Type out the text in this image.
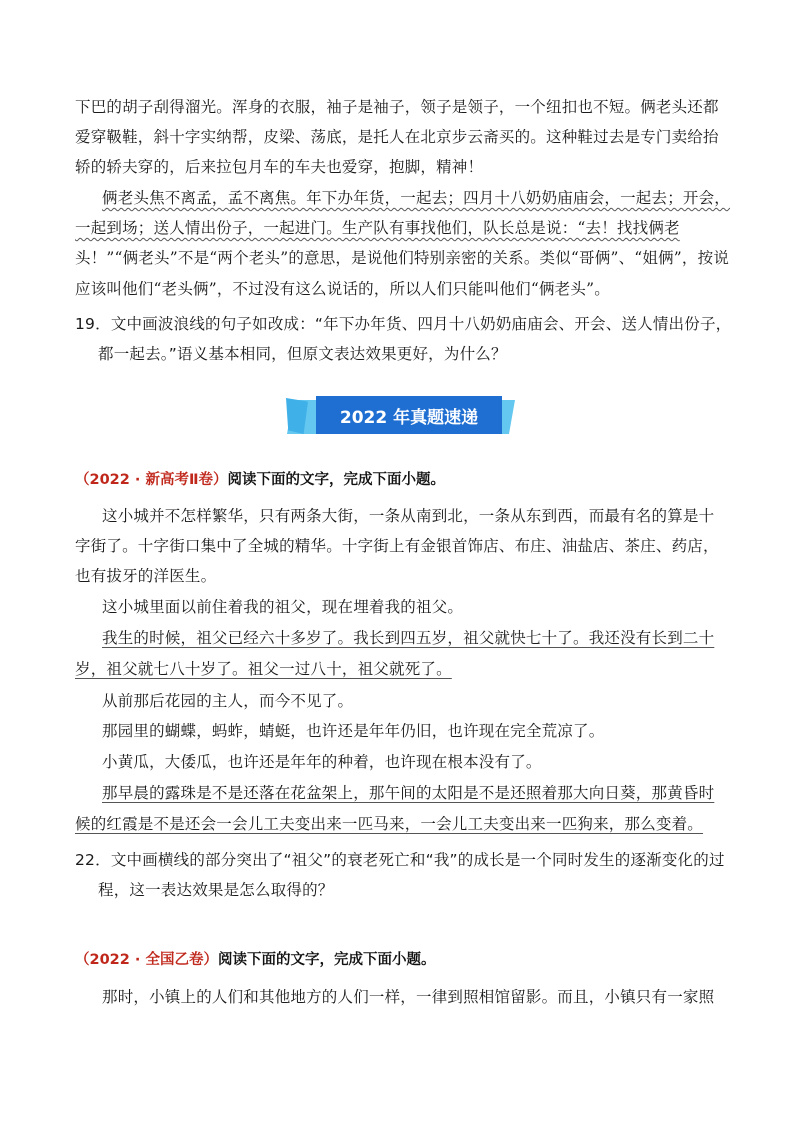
下巴的胡子刮得溜光。浑身的衣服，袖子是袖子，领子是领子，一个纽扣也不短。俩老头还都
爱穿靸鞋，斜十字实纳帮，皮梁、荡底，是托人在北京步云斋买的。这种鞋过去是专门卖给抬
轿的轿夫穿的，后来拉包月车的车夫也爱穿，抱脚，精神！
俩老头焦不离孟，孟不离焦。年下办年货，一起去；四月十八奶奶庙庙会，一起去；开会，
一起到场；送人情出份子，一起进门。生产队有事找他们，队长总是说：“去！找找俩老
头！”“俩老头”不是“两个老头”的意思，是说他们特别亲密的关系。类似“哥俩”、“姐俩”，按说
应该叫他们“老头俩”，不过没有这么说话的，所以人们只能叫他们“俩老头”。
19．文中画波浪线的句子如改成：“年下办年货、四月十八奶奶庙庙会、开会、送人情出份子，
都一起去。”语义基本相同，但原文表达效果更好，为什么？
2022 年真题速递
（2022 · 新高考Ⅱ卷）阅读下面的文字，完成下面小题。
这小城并不怎样繁华，只有两条大街，一条从南到北，一条从东到西，而最有名的算是十
字街了。十字街口集中了全城的精华。十字街上有金银首饰店、布庄、油盐店、茶庄、药店，
也有拔牙的洋医生。
这小城里面以前住着我的祖父，现在埋着我的祖父。
我生的时候，祖父已经六十多岁了。我长到四五岁，祖父就快七十了。我还没有长到二十
岁，祖父就七八十岁了。祖父一过八十，祖父就死了。
从前那后花园的主人，而今不见了。
那园里的蝴蝶，蚂蚱，蜻蜓，也许还是年年仍旧，也许现在完全荒凉了。
小黄瓜，大倭瓜，也许还是年年的种着，也许现在根本没有了。
那早晨的露珠是不是还落在花盆架上，那午间的太阳是不是还照着那大向日葵，那黄昏时
候的红霞是不是还会一会儿工夫变出来一匹马来，一会儿工夫变出来一匹狗来，那么变着。
22．文中画横线的部分突出了“祖父”的衰老死亡和“我”的成长是一个同时发生的逐渐变化的过
程，这一表达效果是怎么取得的？
（2022 · 全国乙卷）阅读下面的文字，完成下面小题。
那时，小镇上的人们和其他地方的人们一样，一律到照相馆留影。而且，小镇只有一家照
